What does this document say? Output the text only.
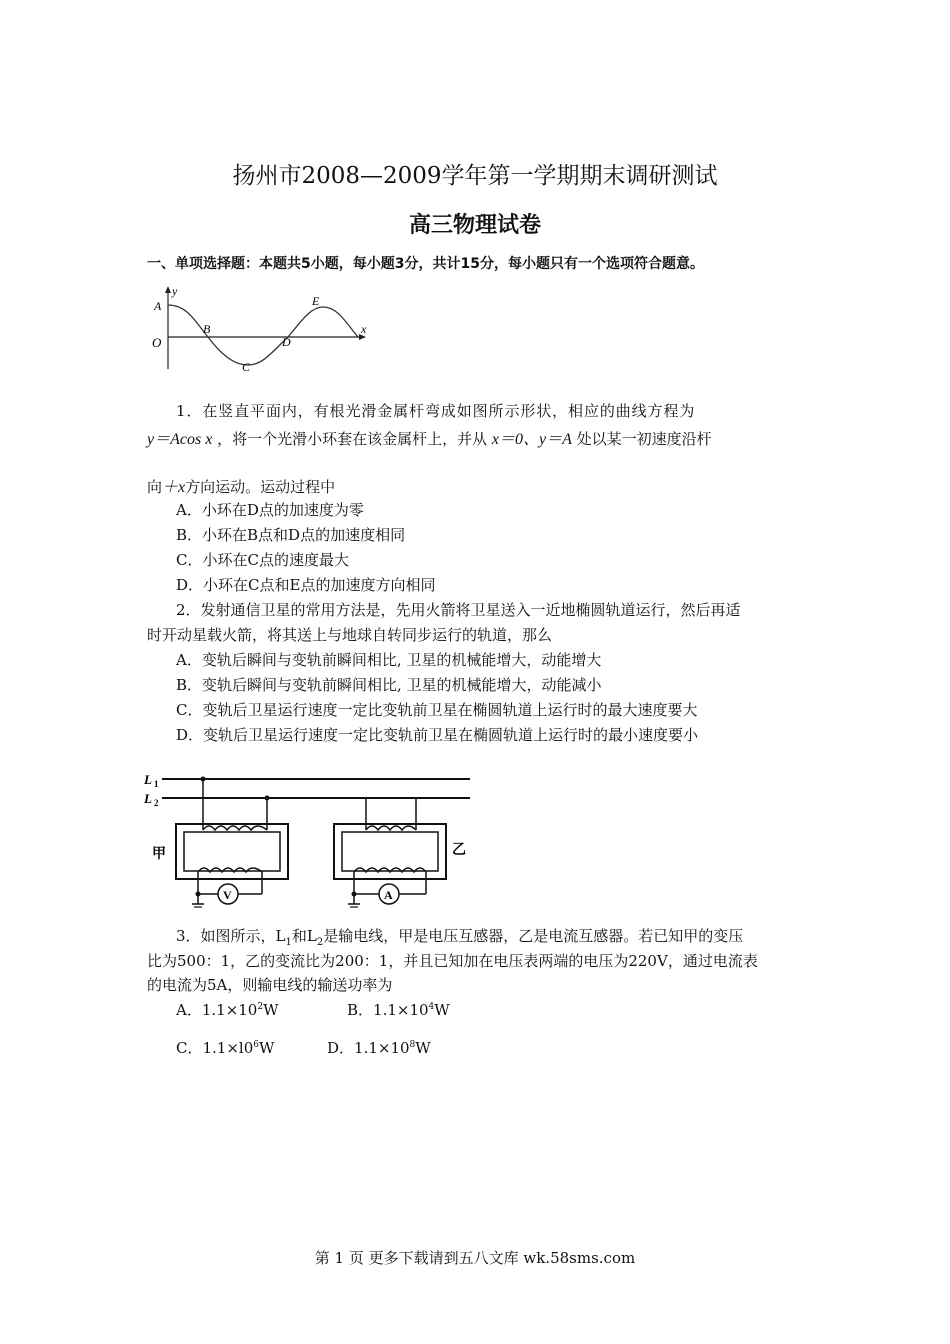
扬州市2008—2009学年第一学期期末调研测试
高三物理试卷
一、单项选择题：本题共5小题，每小题3分，共计15分，每小题只有一个选项符合题意。
y
x
A
O
B
C
D
E
1．在竖直平面内，有根光滑金属杆弯成如图所示形状，相应的曲线方程为
y＝Acos x ，将一个光滑小环套在该金属杆上，并从 x＝0、y＝A 处以某一初速度沿杆
向＋x方向运动。运动过程中
A．小环在D点的加速度为零
B．小环在B点和D点的加速度相同
C．小环在C点的速度最大
D．小环在C点和E点的加速度方向相同
2．发射通信卫星的常用方法是，先用火箭将卫星送入一近地椭圆轨道运行，然后再适
时开动星载火箭，将其送上与地球自转同步运行的轨道，那么
A．变轨后瞬间与变轨前瞬间相比, 卫星的机械能增大，动能增大
B．变轨后瞬间与变轨前瞬间相比, 卫星的机械能增大，动能减小
C．变轨后卫星运行速度一定比变轨前卫星在椭圆轨道上运行时的最大速度要大
D．变轨后卫星运行速度一定比变轨前卫星在椭圆轨道上运行时的最小速度要小
L 1
L 2
甲
V
乙
A
3．如图所示，$L_1$和$L_2$是输电线，甲是电压互感器，乙是电流互感器。若已知甲的变压
比为500：1，乙的变流比为200：1，并且已知加在电压表两端的电压为220V，通过电流表
的电流为5A，则输电线的输送功率为
A．$1.1\times 10^2W$	B．$1.1\times 10^4W$
C．$1.1\times l0^6W$	D．$1.1\times 10^8W$
第 1 页 更多下载请到五八文库 wk.58sms.com
